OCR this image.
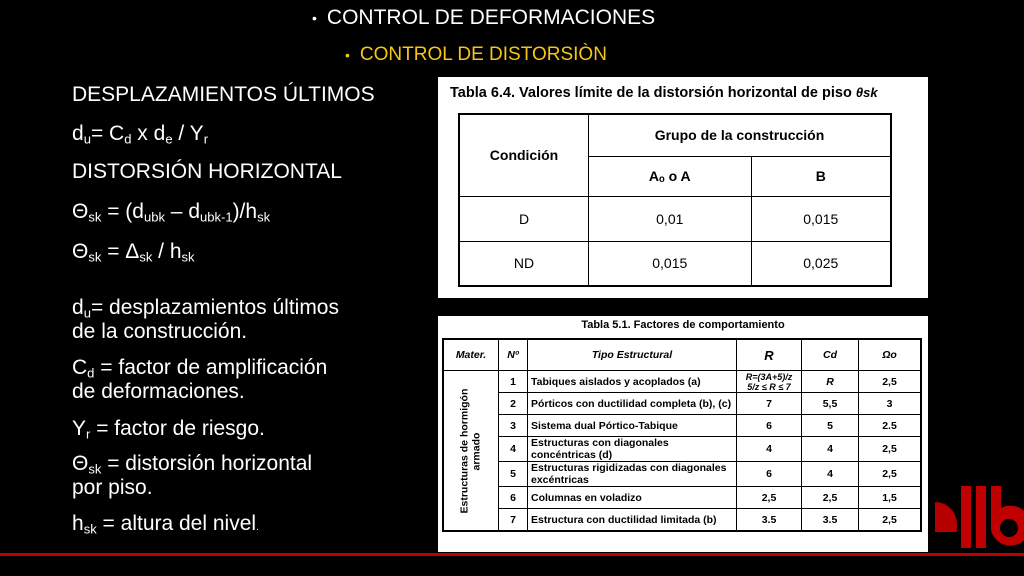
• CONTROL DE DEFORMACIONES
• CONTROL DE DISTORSIÒN
DESPLAZAMIENTOS ÚLTIMOS
$d_u= C_d$ x $d_e / Y_r$
DISTORSIÓN HORIZONTAL
$\Theta_{sk} = (d_{ubk} - d_{ubk-1})/h_{sk}$
$\Theta_{sk} = \Delta_{sk} / h_{sk}$
$d_u=$ desplazamientos últimos
de la construcción.
$C_d$ = factor de amplificación
de deformaciones.
$Y_r$ = factor de riesgo.
$\Theta_{sk}$ = distorsión horizontal
por piso.
$h_{sk}$ = altura del nivel.
Tabla 6.4. Valores límite de la distorsión horizontal de piso θsk
Condición	Grupo de la construcción	
	Aₒ o A	B
D	0,01	0,015
ND	0,015	0,025
Tabla 5.1. Factores de comportamiento
Mater.	Nº	Tipo Estructural	R	Cd	Ωo
Estructuras de hormigón armado	1	Tabiques aislados y acoplados (a)	R=(3A+5)/z 5/z ≤ R ≤ 7	R	2,5
	2	Pórticos con ductilidad completa (b), (c)	7	5,5	3
	3	Sistema dual Pórtico-Tabique	6	5	2.5
	4	Estructuras con diagonales concéntricas (d)	4	4	2,5
	5	Estructuras rigidizadas con diagonales excéntricas	6	4	2,5
	6	Columnas en voladizo	2,5	2,5	1,5
	7	Estructura con ductilidad limitada (b)	3.5	3.5	2,5
